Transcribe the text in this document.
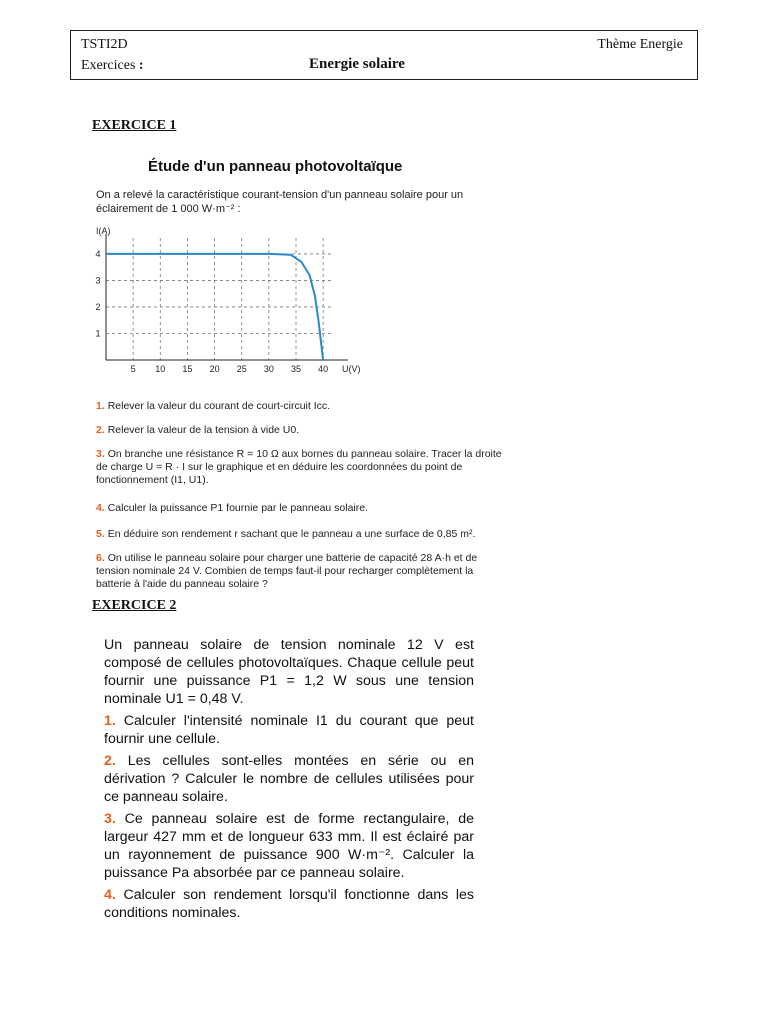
TSTI2D
Exercices :	Energie solaire
Thème Energie
EXERCICE 1
Étude d'un panneau photovoltaïque
On a relevé la caractéristique courant-tension d'un panneau solaire pour un éclairement de 1 000 W·m⁻² :
5 10 15 20 25 30 35 40
1
2
3
4
U(V)
I(A)
1. Relever la valeur du courant de court-circuit Icc.
2. Relever la valeur de la tension à vide U0.
3. On branche une résistance R = 10 Ω aux bornes du panneau solaire. Tracer la droite de charge U = R · I sur le graphique et en déduire les coordonnées du point de fonctionnement (I1, U1).
4. Calculer la puissance P1 fournie par le panneau solaire.
5. En déduire son rendement r sachant que le panneau a une surface de 0,85 m².
6. On utilise le panneau solaire pour charger une batterie de capacité 28 A·h et de tension nominale 24 V. Combien de temps faut-il pour recharger complètement la batterie à l'aide du panneau solaire ?
EXERCICE 2

Un panneau solaire de tension nominale 12 V est composé de cellules photovoltaïques. Chaque cellule peut fournir une puissance P1 = 1,2 W sous une tension nominale U1 = 0,48 V.

1. Calculer l'intensité nominale I1 du courant que peut fournir une cellule.

2. Les cellules sont-elles montées en série ou en dérivation ? Calculer le nombre de cellules utilisées pour ce panneau solaire.

3. Ce panneau solaire est de forme rectangulaire, de largeur 427 mm et de longueur 633 mm. Il est éclairé par un rayonnement de puissance 900 W·m⁻². Calculer la puissance Pa absorbée par ce panneau solaire.

4. Calculer son rendement lorsqu'il fonctionne dans les conditions nominales.
